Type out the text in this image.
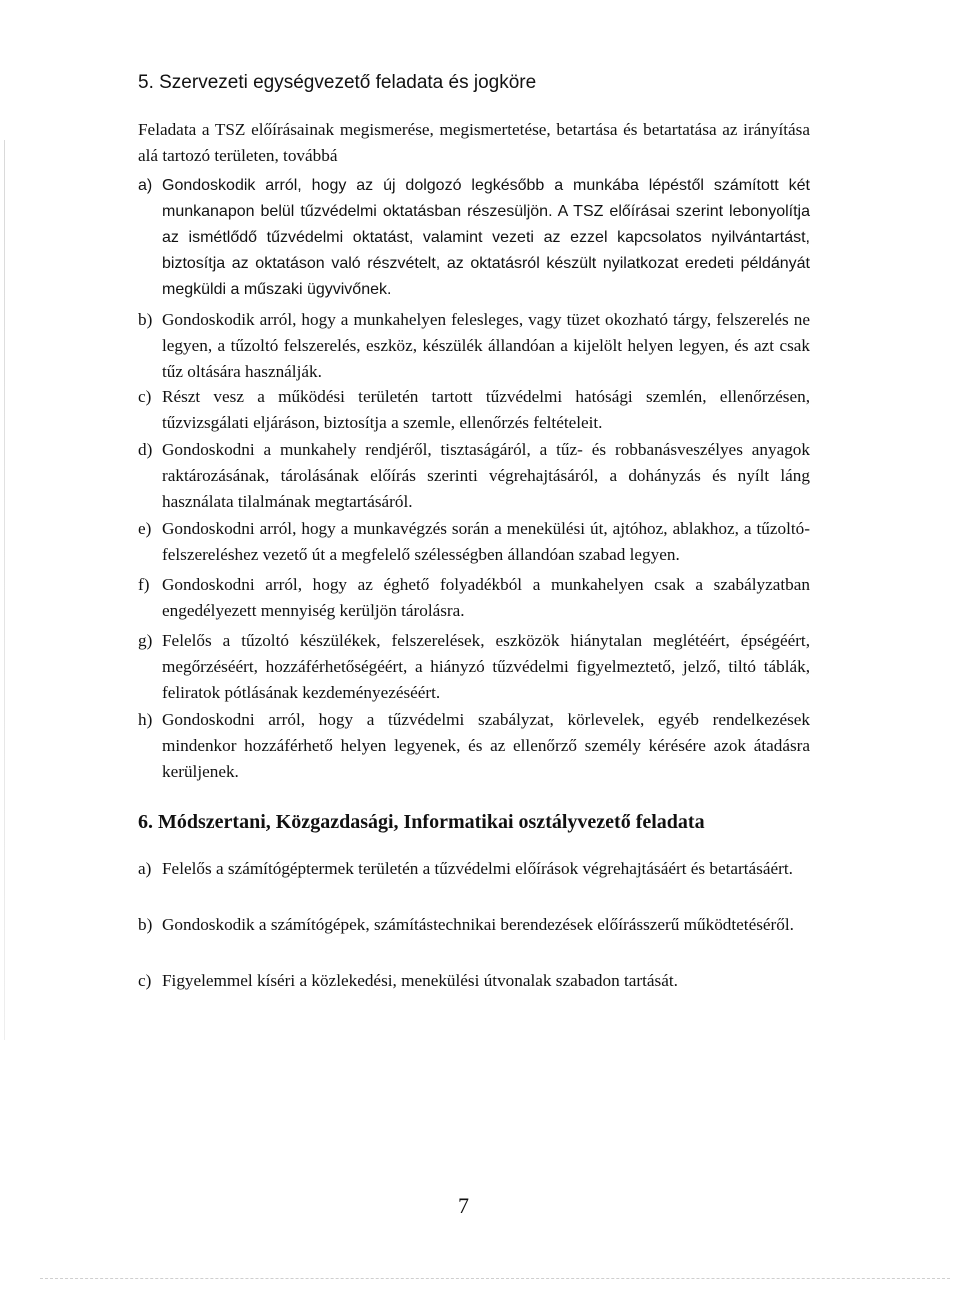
5. Szervezeti egységvezető feladata és jogköre
Feladata a TSZ előírásainak megismerése, megismertetése, betartása és betartatása az irányítása alá tartozó területen, továbbá
a) Gondoskodik arról, hogy az új dolgozó legkésőbb a munkába lépéstől számított két munkanapon belül tűzvédelmi oktatásban részesüljön. A TSZ előírásai szerint lebonyolítja az ismétlődő tűzvédelmi oktatást, valamint vezeti az ezzel kapcsolatos nyilvántartást, biztosítja az oktatáson való részvételt, az oktatásról készült nyilatkozat eredeti példányát megküldi a műszaki ügyvivőnek.
b) Gondoskodik arról, hogy a munkahelyen felesleges, vagy tüzet okozható tárgy, felszerelés ne legyen, a tűzoltó felszerelés, eszköz, készülék állandóan a kijelölt helyen legyen, és azt csak tűz oltására használják.
c) Részt vesz a működési területén tartott tűzvédelmi hatósági szemlén, ellenőrzésen, tűzvizsgálati eljáráson, biztosítja a szemle, ellenőrzés feltételeit.
d) Gondoskodni a munkahely rendjéről, tisztaságáról, a tűz- és robbanásveszélyes anyagok raktározásának, tárolásának előírás szerinti végrehajtásáról, a dohányzás és nyílt láng használata tilalmának megtartásáról.
e) Gondoskodni arról, hogy a munkavégzés során a menekülési út, ajtóhoz, ablakhoz, a tűzoltó-felszereléshez vezető út a megfelelő szélességben állandóan szabad legyen.
f) Gondoskodni arról, hogy az éghető folyadékból a munkahelyen csak a szabályzatban engedélyezett mennyiség kerüljön tárolásra.
g) Felelős a tűzoltó készülékek, felszerelések, eszközök hiánytalan meglétéért, épségéért, megőrzéséért, hozzáférhetőségéért, a hiányzó tűzvédelmi figyelmeztető, jelző, tiltó táblák, feliratok pótlásának kezdeményezéséért.
h) Gondoskodni arról, hogy a tűzvédelmi szabályzat, körlevelek, egyéb rendelkezések mindenkor hozzáférhető helyen legyenek, és az ellenőrző személy kérésére azok átadásra kerüljenek.
6. Módszertani, Közgazdasági, Informatikai osztályvezető feladata
a) Felelős a számítógéptermek területén a tűzvédelmi előírások végrehajtásáért és betartásáért.
b) Gondoskodik a számítógépek, számítástechnikai berendezések előírásszerű működtetéséről.
c) Figyelemmel kíséri a közlekedési, menekülési útvonalak szabadon tartását.
7
